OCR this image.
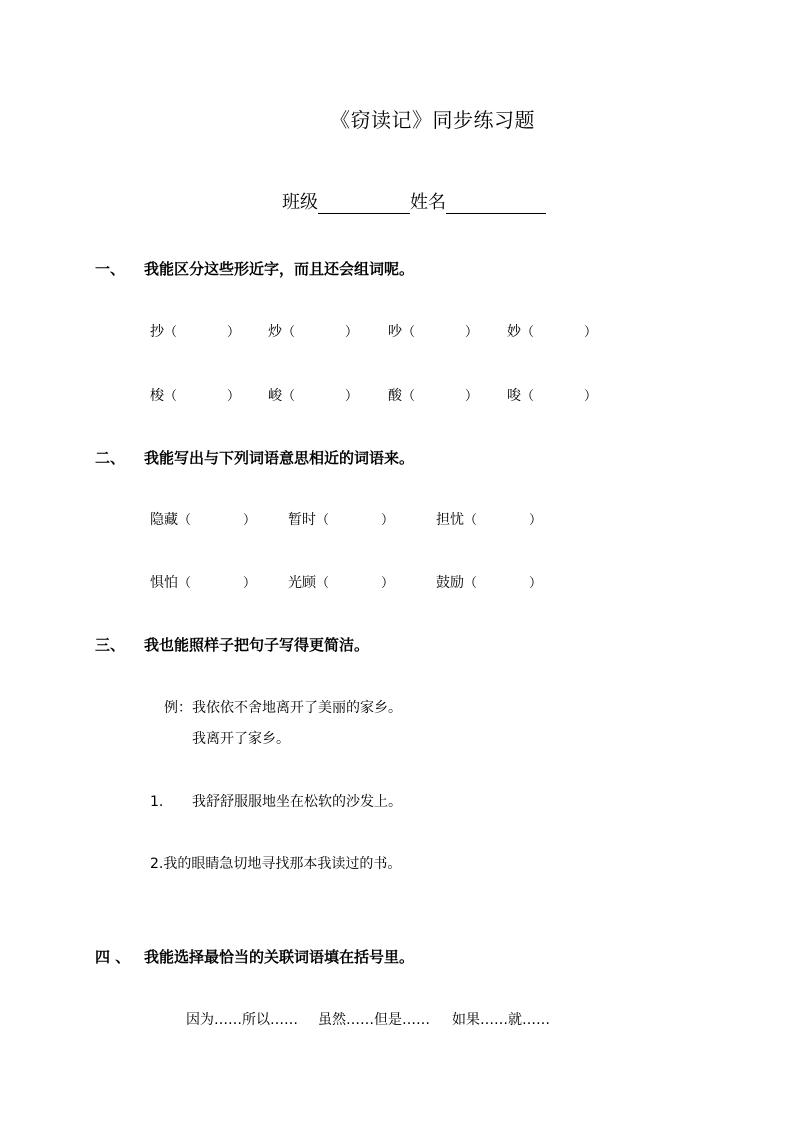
《窃读记》同步练习题
班级	姓名
一、 我能区分这些形近字，而且还会组词呢。
抄（	） 炒（	） 吵（	） 妙（	）
梭（	） 峻（	） 酸（	） 唆（	）
二、 我能写出与下列词语意思相近的词语来。
隐藏（	） 暂时（	）	担忧（	）
惧怕（	） 光顾（	）	鼓励（	）
三、 我也能照样子把句子写得更简洁。
例：我依依不舍地离开了美丽的家乡。
我离开了家乡。
1. 我舒舒服服地坐在松软的沙发上。
2.我的眼睛急切地寻找那本我读过的书。
四 、 我能选择最恰当的关联词语填在括号里。
因为……所以…… 虽然……但是…… 如果……就……
